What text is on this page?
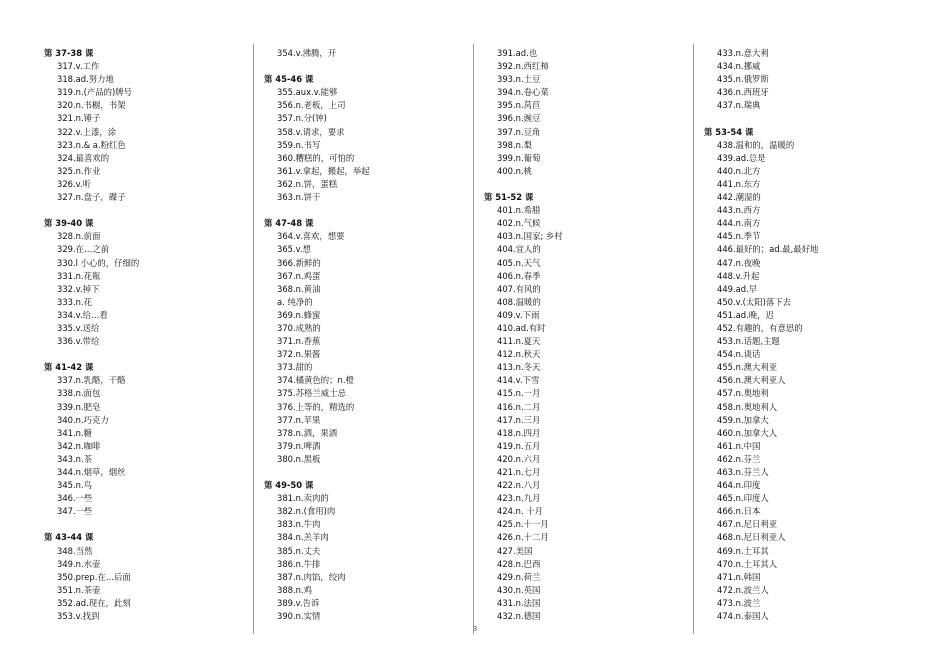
第 37-38 课
317.v.工作
318.ad.努力地
319.n.(产品的)牌号
320.n.书橱，书架
321.n.锤子
322.v.上漆，涂
323.n.& a.粉红色
324.最喜欢的
325.n.作业
326.v.听
327.n.盘子，碟子
第 39-40 课
328.n.前面
329.在…之前
330.l 小心的，仔细的
331.n.花瓶
332.v.掉下
333.n.花
334.v.给…看
335.v.送给
336.v.带给
第 41-42 课
337.n.乳酪，干酪
338.n.面包
339.n.肥皂
340.n.巧克力
341.n.糖
342.n.咖啡
343.n.茶
344.n.烟草，烟丝
345.n.鸟
346.一些
347.一些
第 43-44 课
348.当然
349.n.水壶
350.prep.在…后面
351.n.茶壶
352.ad.现在，此刻
353.v.找到
354.v.沸腾，开
第 45-46 课
355.aux.v.能够
356.n.老板，上司
357.n.分(钟)
358.v.请求，要求
359.n.书写
360.糟糕的，可怕的
361.v.拿起，搬起，举起
362.n.饼，蛋糕
363.n.饼干
第 47-48 课
364.v.喜欢，想要
365.v.想
366.新鲜的
367.n.鸡蛋
368.n.黄油
a. 纯净的
369.n.蜂蜜
370.成熟的
371.n.香蕉
372.n.果酱
373.甜的
374.橘黄色的；n.橙
375.苏格兰威士忌
376.上等的，精选的
377.n.苹果
378.n.酒，果酒
379.n.啤酒
380.n.黑板
第 49-50 课
381.n.卖肉的
382.n.(食用)肉
383.n.牛肉
384.n.羔羊肉
385.n.丈夫
386.n.牛排
387.n.肉馅，绞肉
388.n.鸡
389.v.告诉
390.n.实情
391.ad.也
392.n.西红柿
393.n.土豆
394.n.卷心菜
395.n.莴苣
396.n.豌豆
397.n.豆角
398.n.梨
399.n.葡萄
400.n.桃
第 51-52 课
401.n.希腊
402.n.气候
403.n.国家; 乡村
404.宜人的
405.n.天气
406.n.春季
407.有风的
408.温暖的
409.v.下雨
410.ad.有时
411.n.夏天
412.n.秋天
413.n.冬天
414.v.下雪
415.n.一月
416.n.二月
417.n.三月
418.n.四月
419.n.五月
420.n.六月
421.n.七月
422.n.八月
423.n.九月
424.n. 十月
425.n.十一月
426.n.十二月
427.美国
428.n.巴西
429.n.荷兰
430.n.英国
431.n.法国
432.n.德国
433.n.意大利
434.n.挪威
435.n.俄罗斯
436.n.西班牙
437.n.瑞典
第 53-54 课
438.温和的，温暖的
439.ad.总是
440.n.北方
441.n.东方
442.潮湿的
443.n.西方
444.n.南方
445.n.季节
446.最好的；ad.最,最好地
447.n.夜晚
448.v.升起
449.ad.早
450.v.(太阳)落下去
451.ad.晚，迟
452.有趣的，有意思的
453.n.话题,主题
454.n.谈话
455.n.澳大利亚
456.n.澳大利亚人
457.n.奥地利
458.n.奥地利人
459.n.加拿大
460.n.加拿大人
461.n.中国
462.n.芬兰
463.n.芬兰人
464.n.印度
465.n.印度人
466.n.日本
467.n.尼日利亚
468.n.尼日利亚人
469.n.土耳其
470.n.土耳其人
471.n.韩国
472.n.波兰人
473.n.波兰
474.n.泰国人
3
